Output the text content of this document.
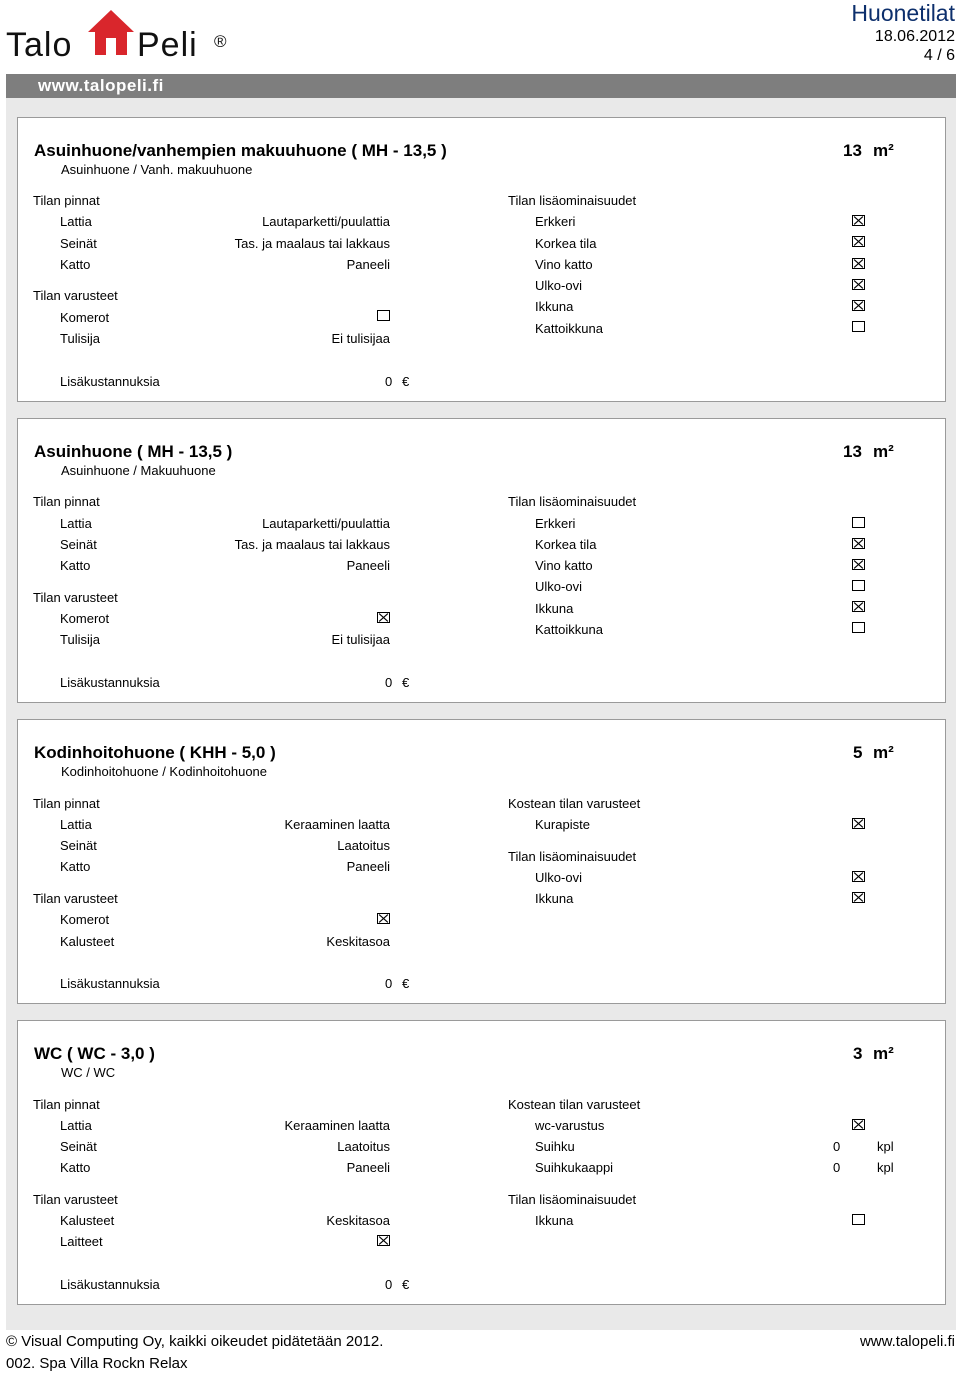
Talo Peli ®
Huonetilat
18.06.2012
4 / 6
www.talopeli.fi
Asuinhuone/vanhempien makuuhuone ( MH - 13,5 )
Asuinhuone / Vanh. makuuhuone
13 m²
Tilan pinnat
Lattia	Lautaparketti/puulattia
Seinät	Tas. ja maalaus tai lakkaus
Katto	Paneeli
Tilan varusteet
Komerot
Tulisija	Ei tulisijaa
Tilan lisäominaisuudet
Erkkeri
Korkea tila
Vino katto
Ulko-ovi
Ikkuna
Kattoikkuna
Lisäkustannuksia	0 €
Asuinhuone ( MH - 13,5 )
Asuinhuone / Makuuhuone
13 m²
Tilan pinnat
Lattia	Lautaparketti/puulattia
Seinät	Tas. ja maalaus tai lakkaus
Katto	Paneeli
Tilan varusteet
Komerot
Tulisija	Ei tulisijaa
Tilan lisäominaisuudet
Erkkeri
Korkea tila
Vino katto
Ulko-ovi
Ikkuna
Kattoikkuna
Lisäkustannuksia	0 €
Kodinhoitohuone ( KHH - 5,0 )
Kodinhoitohuone / Kodinhoitohuone
5 m²
Tilan pinnat
Lattia	Keraaminen laatta
Seinät	Laatoitus
Katto	Paneeli
Tilan varusteet
Komerot
Kalusteet	Keskitasoa
Kostean tilan varusteet
Kurapiste
Tilan lisäominaisuudet
Ulko-ovi
Ikkuna
Lisäkustannuksia	0 €
WC ( WC - 3,0 )
WC / WC
3 m²
Tilan pinnat
Lattia	Keraaminen laatta
Seinät	Laatoitus
Katto	Paneeli
Tilan varusteet
Kalusteet	Keskitasoa
Laitteet
Kostean tilan varusteet
wc-varustus
Suihku	0	kpl
Suihkukaappi	0	kpl
Tilan lisäominaisuudet
Ikkuna
Lisäkustannuksia	0 €
© Visual Computing Oy, kaikki oikeudet pidätetään 2012.	www.talopeli.fi
002. Spa Villa Rockn Relax
